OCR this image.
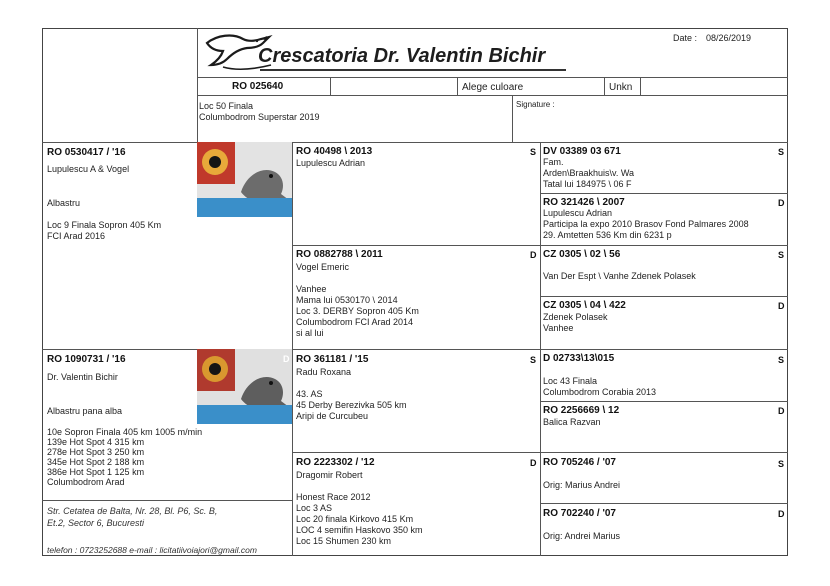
Crescatoria Dr. Valentin Bichir
Date : 08/26/2019
RO 025640	Alege culoare	Unkn
Loc 50 Finala
Columbodrom Superstar 2019
Signature :
RO 0530417 / '16
Lupulescu A & Vogel
Albastru
Loc 9 Finala Sopron 405 Km
FCI Arad 2016
RO 1090731 / '16
Dr. Valentin Bichir
Albastru pana alba
10e Sopron Finala 405 km 1005 m/min
139e Hot Spot 4 315 km
278e Hot Spot 3 250 km
345e Hot Spot 2 188 km
386e Hot Spot 1 125 km
Columbodrom Arad
D
Str. Cetatea de Balta, Nr. 28, Bl. P6, Sc. B,
Et.2, Sector 6, Bucuresti
telefon : 0723252688 e-mail : licitatiivoiajori@gmail.com
RO 40498 \ 2013	S
Lupulescu Adrian
RO 0882788 \ 2011	D
Vogel Emeric

Vanhee
Mama lui 0530170 \ 2014
Loc 3. DERBY Sopron 405 Km
Columbodrom FCI Arad 2014
si al lui
RO 361181 / '15	S
Radu Roxana

43. AS
45 Derby Berezivka 505 km
Aripi de Curcubeu
RO 2223302 / '12	D
Dragomir Robert

Honest Race 2012
Loc 3 AS
Loc 20 finala Kirkovo 415 Km
LOC 4 semifin Haskovo 350 km
Loc 15 Shumen 230 km
DV 03389 03 671	S
Fam.
Arden\Braakhuis\v. Wa
Tatal lui 184975 \ 06 F
RO 321426 \ 2007	D
Lupulescu Adrian
Participa la expo 2010 Brasov Fond Palmares 2008
29. Amtetten 536 Km din 6231 p
CZ 0305 \ 02 \ 56	S

Van Der Espt \ Vanhe Zdenek Polasek
CZ 0305 \ 04 \ 422	D
Zdenek Polasek
Vanhee
D 02733\13\015	S

Loc 43 Finala
Columbodrom Corabia 2013
RO 2256669 \ 12	D
Balica Razvan
RO 705246 / '07	S

Orig: Marius Andrei
RO 702240 / '07	D

Orig: Andrei Marius
